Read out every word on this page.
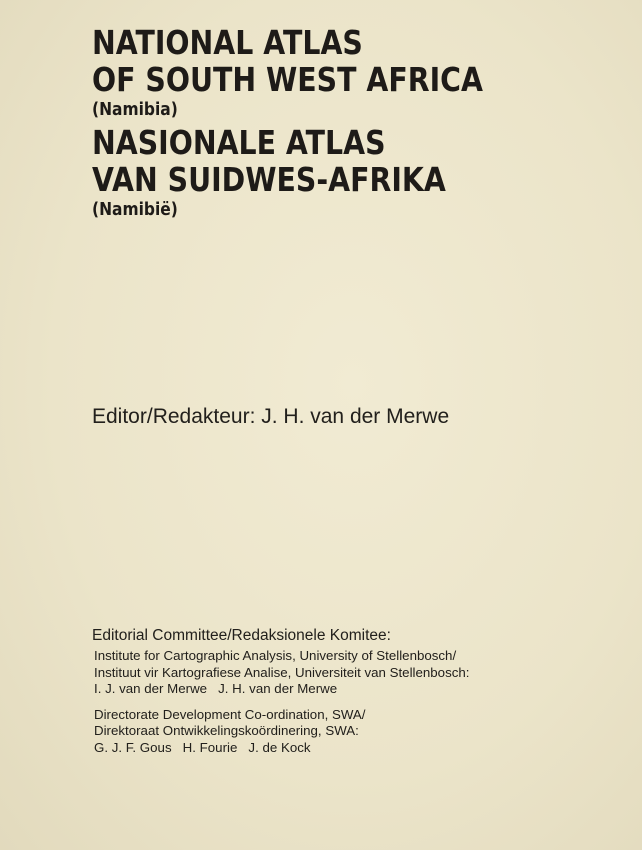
NATIONAL ATLAS
OF SOUTH WEST AFRICA
(Namibia)
NASIONALE ATLAS
VAN SUIDWES-AFRIKA
(Namibië)
Editor/Redakteur: J. H. van der Merwe
Editorial Committee/Redaksionele Komitee:
Institute for Cartographic Analysis, University of Stellenbosch/
Instituut vir Kartografiese Analise, Universiteit van Stellenbosch:
I. J. van der Merwe   J. H. van der Merwe
Directorate Development Co-ordination, SWA/
Direktoraat Ontwikkelingskoördinering, SWA:
G. J. F. Gous   H. Fourie   J. de Kock
